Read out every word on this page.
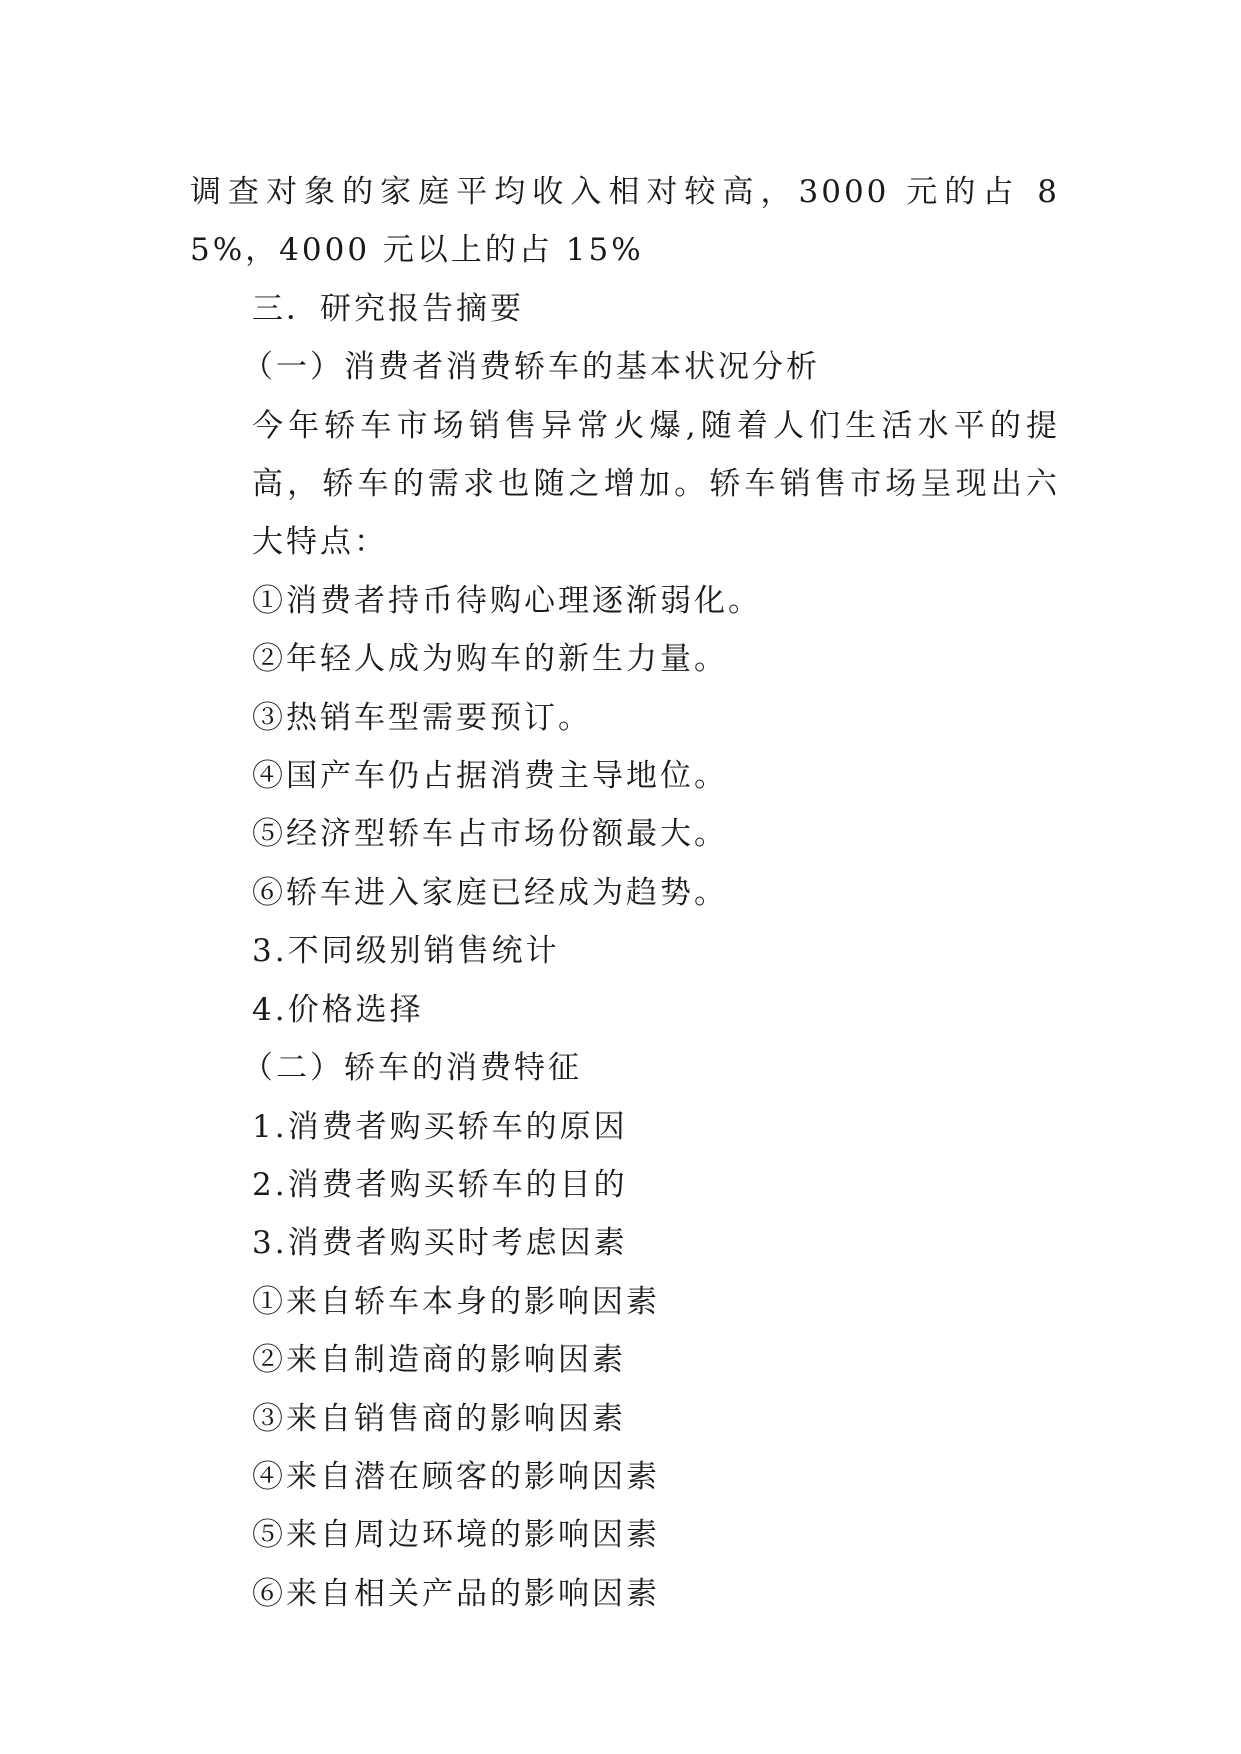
调查对象的家庭平均收入相对较高，3000 元的占 85%，4000 元以上的占 15%

三．研究报告摘要

（一）消费者消费轿车的基本状况分析

今年轿车市场销售异常火爆,随着人们生活水平的提高，轿车的需求也随之增加。轿车销售市场呈现出六大特点：

①消费者持币待购心理逐渐弱化。

②年轻人成为购车的新生力量。

③热销车型需要预订。

④国产车仍占据消费主导地位。

⑤经济型轿车占市场份额最大。

⑥轿车进入家庭已经成为趋势。

3.不同级别销售统计

4.价格选择

（二）轿车的消费特征

1.消费者购买轿车的原因

2.消费者购买轿车的目的

3.消费者购买时考虑因素

①来自轿车本身的影响因素

②来自制造商的影响因素

③来自销售商的影响因素

④来自潜在顾客的影响因素

⑤来自周边环境的影响因素

⑥来自相关产品的影响因素
